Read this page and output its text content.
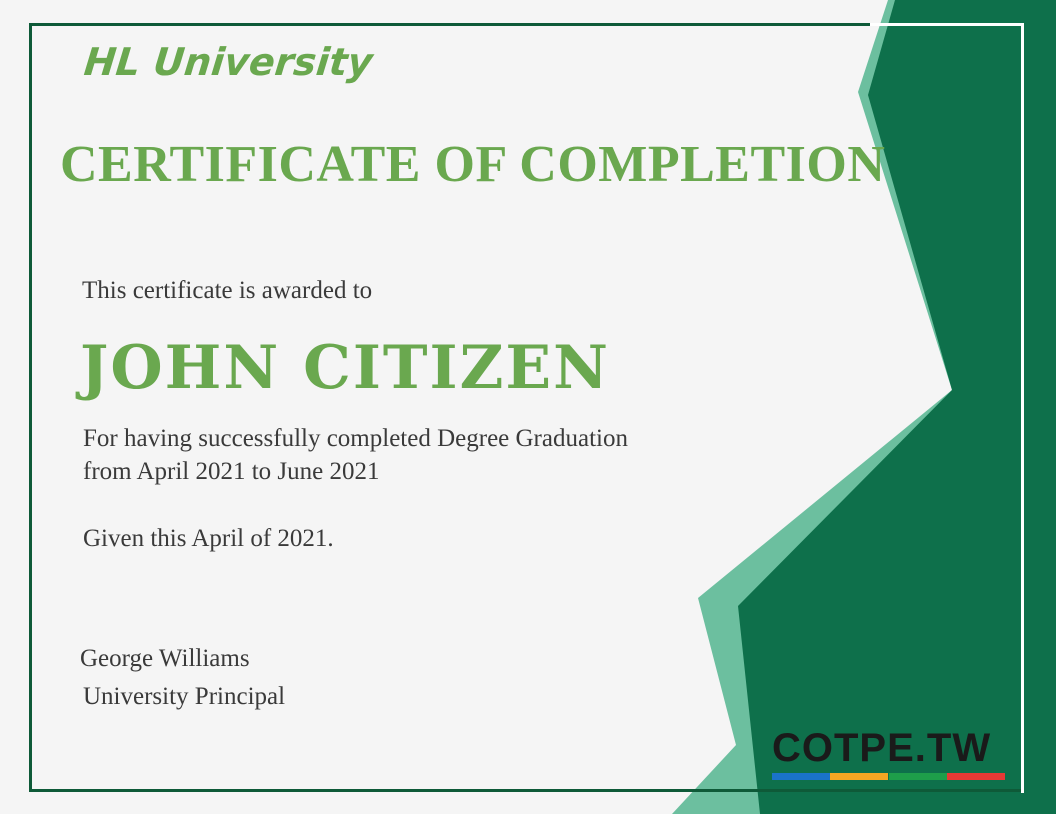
HL University
CERTIFICATE OF COMPLETION
This certificate is awarded to
JOHN CITIZEN
For having successfully completed Degree Graduation
from April 2021 to June 2021
Given this April of 2021.
George Williams
University Principal
COTPE.TW
